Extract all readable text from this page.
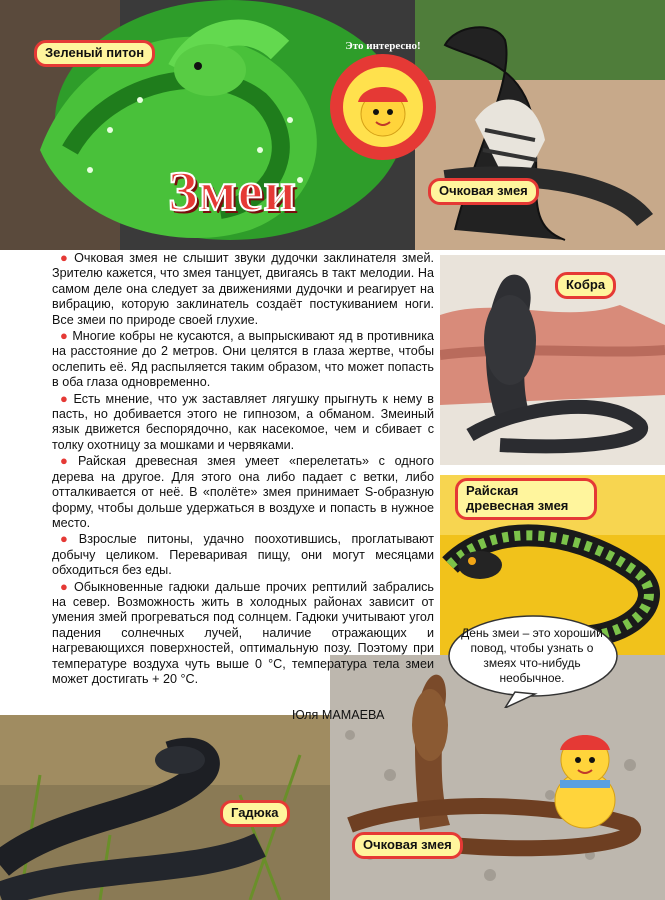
Это интересно!
Змеи
Зеленый питон
Очковая змея
Кобра
Райская древесная змея
Гадюка
Очковая змея

● Очковая змея не слышит звуки дудочки заклинателя змей. Зрителю кажется, что змея танцует, двигаясь в такт мелодии. На самом деле она следует за движениями дудочки и реагирует на вибрацию, которую заклинатель создаёт постукиванием ноги. Все змеи по природе своей глухие.

● Многие кобры не кусаются, а выпрыскивают яд в противника на расстояние до 2 метров. Они целятся в глаза жертве, чтобы ослепить её. Яд распыляется таким образом, что может попасть в оба глаза одновременно.

● Есть мнение, что уж заставляет лягушку прыгнуть к нему в пасть, но добивается этого не гипнозом, а обманом. Змеиный язык движется беспорядочно, как насекомое, чем и сбивает с толку охотницу за мошками и червяками.

● Райская древесная змея умеет «перелетать» с одного дерева на другое. Для этого она либо падает с ветки, либо отталкивается от неё. В «полёте» змея принимает S-образную форму, чтобы дольше удержаться в воздухе и попасть в нужное место.

● Взрослые питоны, удачно поохотившись, проглатывают добычу целиком. Переваривая пищу, они могут месяцами обходиться без еды.

● Обыкновенные гадюки дальше прочих рептилий забрались на север. Возможность жить в холодных районах зависит от умения змей прогреваться под солнцем. Гадюки учитывают угол падения солнечных лучей, наличие отражающих и нагревающихся поверхностей, оптимальную позу. Поэтому при температуре воздуха чуть выше 0 °С, температура тела змеи может достигать + 20 °С.

Юля МАМАЕВА
День змеи – это хороший повод, чтобы узнать о змеях что-нибудь необычное.
